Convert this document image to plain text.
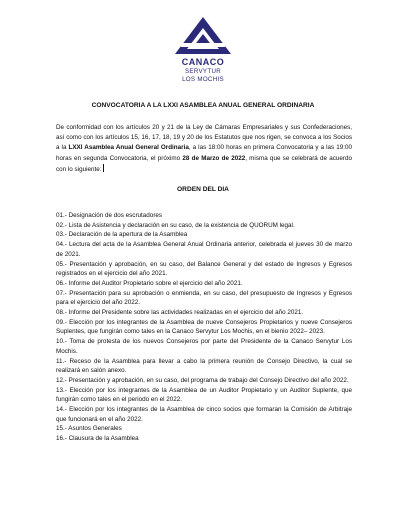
CANACO
SERVYTUR
LOS MOCHIS
CONVOCATORIA A LA LXXI ASAMBLEA ANUAL GENERAL ORDINARIA
De conformidad con los artículos 20 y 21 de la Ley de Cámaras Empresariales y sus Confederaciones, así como con los artículos 15, 16, 17, 18, 19 y 20 de los Estatutos que nos rigen, se convoca a los Socios a la LXXI Asamblea Anual General Ordinaria, a las 18:00 horas en primera Convocatoria y a las 19:00 horas en segunda Convocatoria, el próximo 28 de Marzo de 2022, misma que se celebrará de acuerdo con lo siguiente:
ORDEN DEL DIA
01.- Designación de dos escrutadores
02.- Lista de Asistencia y declaración en su caso, de la existencia de QUORUM legal.
03.- Declaración de la apertura de la Asamblea
04.- Lectura del acta de la Asamblea General Anual Ordinaria anterior, celebrada el jueves 30 de marzo de 2021.
05.- Presentación y aprobación, en su caso, del Balance General y del estado de Ingresos y Egresos registrados en el ejercicio del año 2021.
06.- Informe del Auditor Propietario sobre el ejercicio del año 2021.
07.- Presentación para su aprobación o enmienda, en su caso, del presupuesto de Ingresos y Egresos para el ejercicio del año 2022.
08.- Informe del Presidente sobre las actividades realizadas en el ejercicio del año 2021.
09.- Elección por los integrantes de la Asamblea de nueve Consejeros Propietarios y nueve Consejeros Suplentes, que fungirán como tales en la Canaco Servytur Los Mochis, en el bienio 2022– 2023.
10.- Toma de protesta de los nuevos Consejeros por parte del Presidente de la Canaco Servytur Los Mochis.
11.- Receso de la Asamblea para llevar a cabo la primera reunión de Consejo Directivo, la cual se realizará en salón anexo.
12.- Presentación y aprobación, en su caso, del programa de trabajo del Consejo Directivo del año 2022.
13.- Elección por los integrantes de la Asamblea de un Auditor Propietario y un Auditor Suplente, que fungirán como tales en el periodo en el 2022.
14.- Elección por los integrantes de la Asamblea de cinco socios que formaran la Comisión de Arbitraje que funcionará en el año 2022.
15.- Asuntos Generales
16.- Clausura de la Asamblea
